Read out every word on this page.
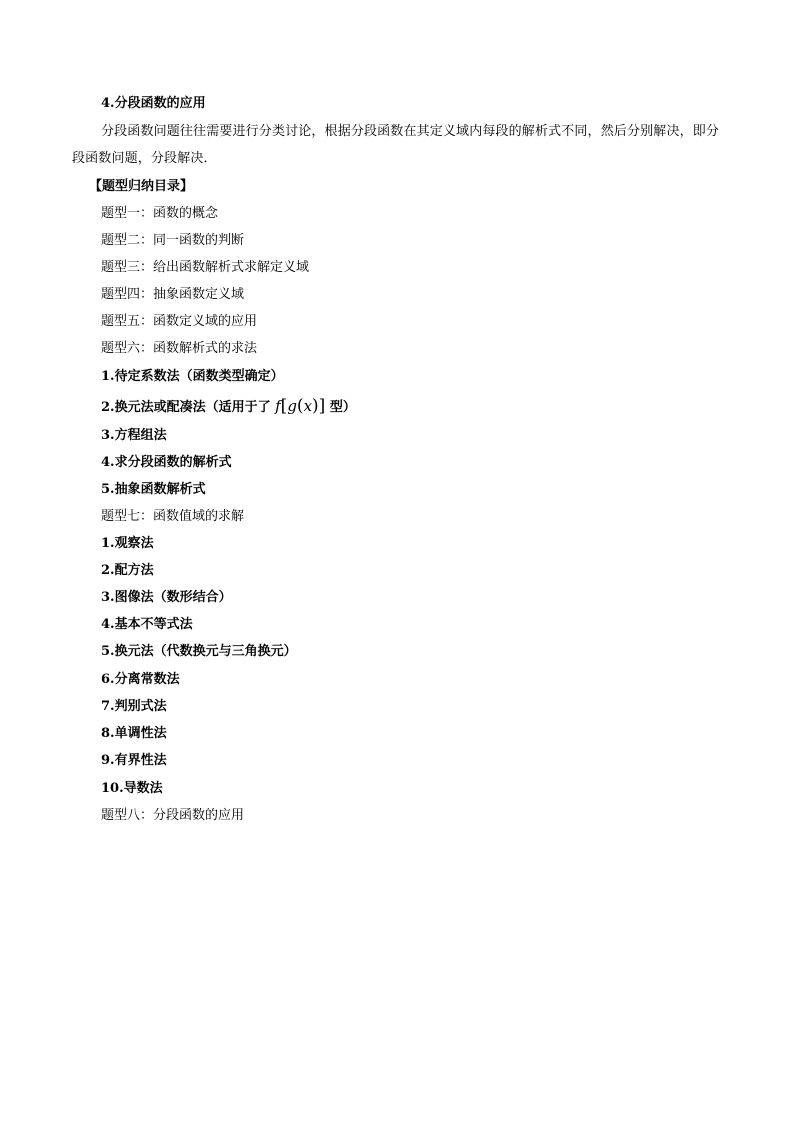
4.分段函数的应用
分段函数问题往往需要进行分类讨论，根据分段函数在其定义域内每段的解析式不同，然后分别解决，即分段函数问题，分段解决．
【题型归纳目录】
题型一：函数的概念
题型二：同一函数的判断
题型三：给出函数解析式求解定义域
题型四：抽象函数定义域
题型五：函数定义域的应用
题型六：函数解析式的求法
1.待定系数法（函数类型确定）
2.换元法或配凑法（适用于了 f[g(x)] 型）
3.方程组法
4.求分段函数的解析式
5.抽象函数解析式
题型七：函数值域的求解
1.观察法
2.配方法
3.图像法（数形结合）
4.基本不等式法
5.换元法（代数换元与三角换元）
6.分离常数法
7.判别式法
8.单调性法
9.有界性法
10.导数法
题型八：分段函数的应用
